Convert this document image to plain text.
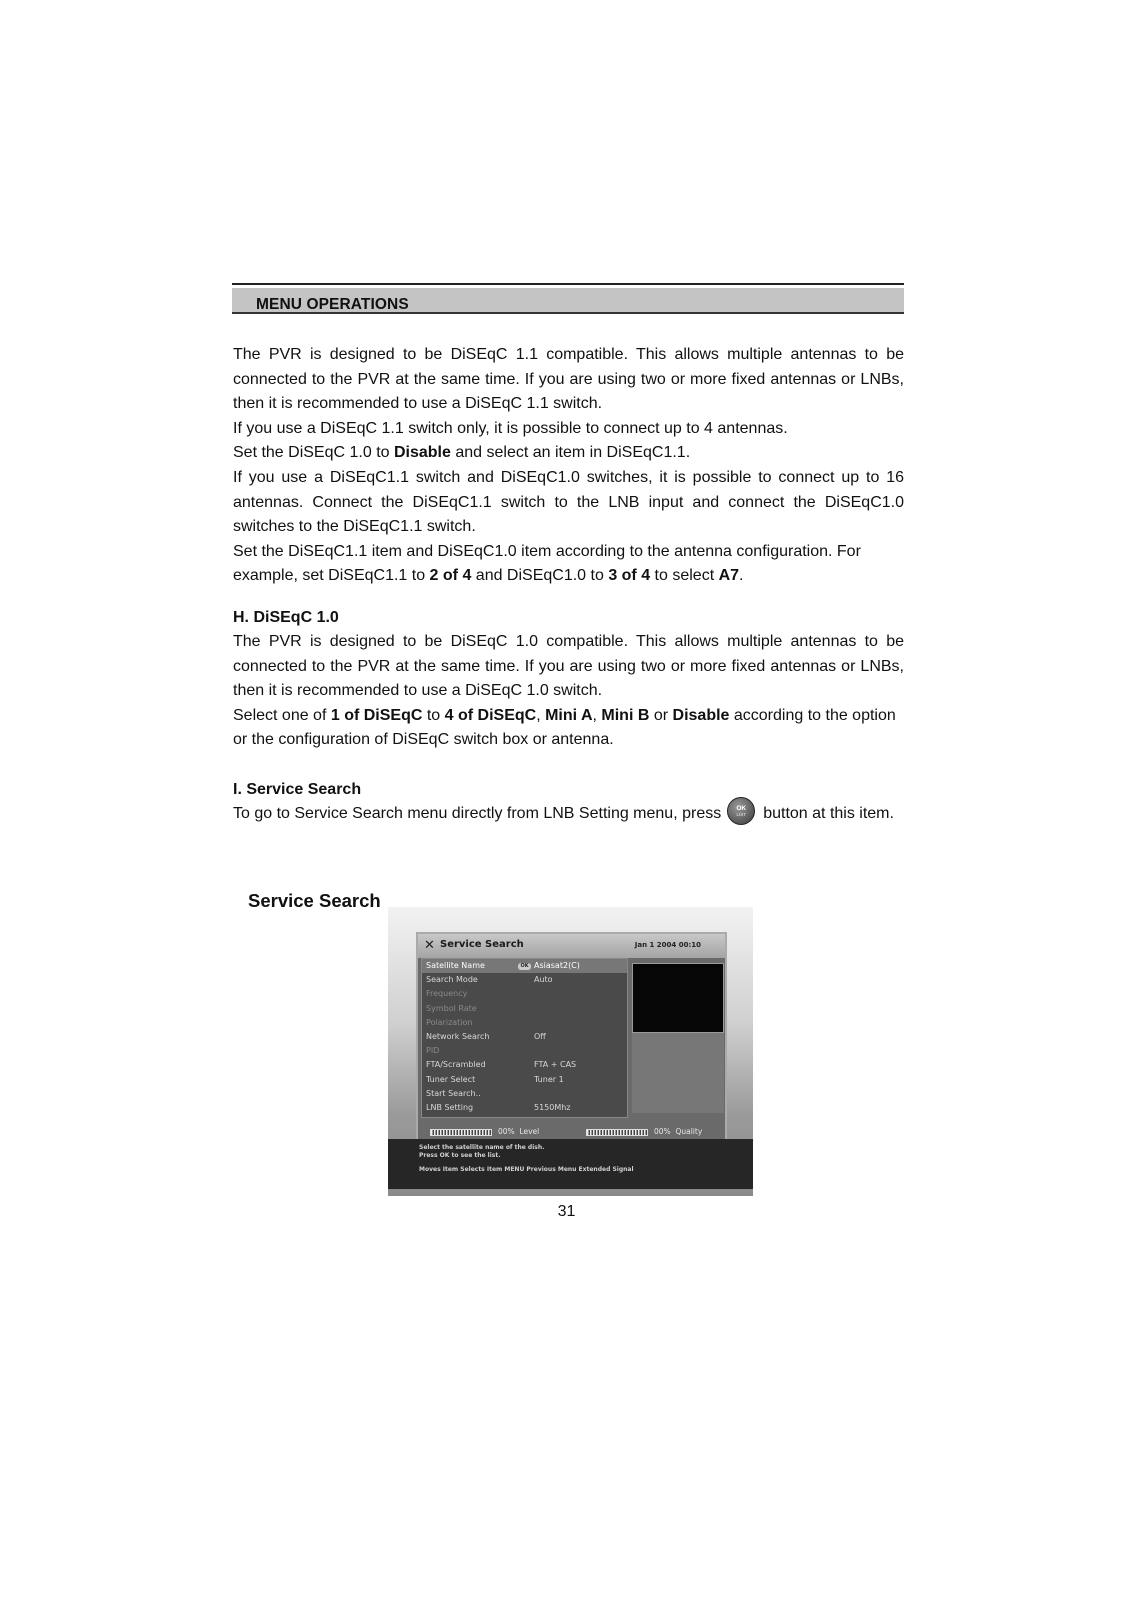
MENU OPERATIONS

The PVR is designed to be DiSEqC 1.1 compatible. This allows multiple antennas to be connected to the PVR at the same time. If you are using two or more fixed antennas or LNBs, then it is recommended to use a DiSEqC 1.1 switch.

If you use a DiSEqC 1.1 switch only, it is possible to connect up to 4 antennas.

Set the DiSEqC 1.0 to Disable and select an item in DiSEqC1.1.

If you use a DiSEqC1.1 switch and DiSEqC1.0 switches, it is possible to connect up to 16 antennas. Connect the DiSEqC1.1 switch to the LNB input and connect the DiSEqC1.0 switches to the DiSEqC1.1 switch.

Set the DiSEqC1.1 item and DiSEqC1.0 item according to the antenna configuration. For example, set DiSEqC1.1 to 2 of 4 and DiSEqC1.0 to 3 of 4 to select A7.

H. DiSEqC 1.0

The PVR is designed to be DiSEqC 1.0 compatible. This allows multiple antennas to be connected to the PVR at the same time. If you are using two or more fixed antennas or LNBs, then it is recommended to use a DiSEqC 1.0 switch.

Select one of 1 of DiSEqC to 4 of DiSEqC, Mini A, Mini B or Disable according to the option or the configuration of DiSEqC switch box or antenna.

I. Service Search

To go to Service Search menu directly from LNB Setting menu, press	OK
LIST	button at this item.

Service Search
✕ Service Search	Jan 1 2004 00:10
Satellite Name	OK Asiasat2(C)
Search Mode	Auto
Frequency
Symbol Rate
Polarization
Network Search	Off
PID
FTA/Scrambled	FTA + CAS
Tuner Select	Tuner 1
Start Search..
LNB Setting	5150Mhz
00% Level	00% Quality
Select the satellite name of the dish.
Press OK to see the list.
Moves Item Selects Item MENU Previous Menu Extended Signal
31
